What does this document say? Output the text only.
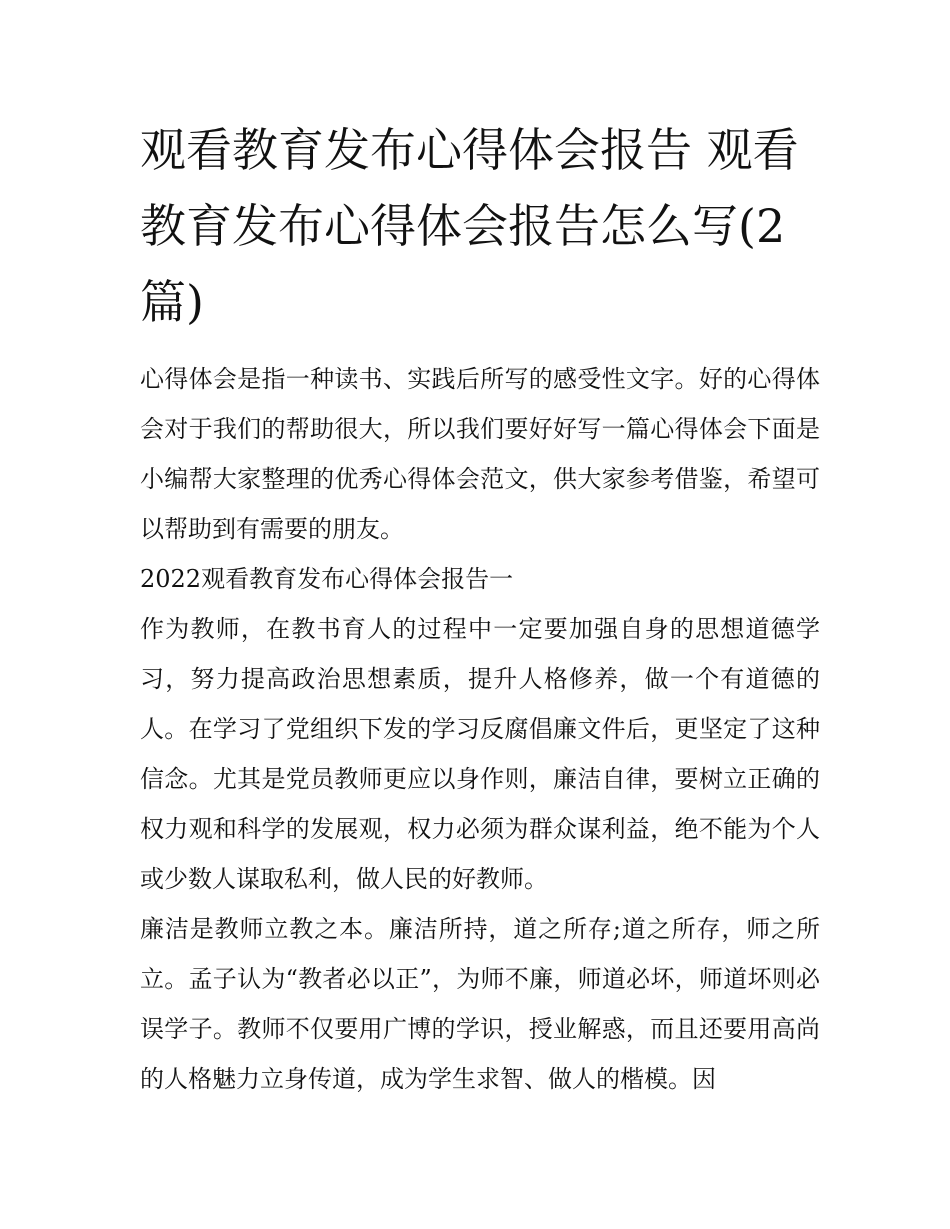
观看教育发布心得体会报告 观看教育发布心得体会报告怎么写(2篇)

心得体会是指一种读书、实践后所写的感受性文字。好的心得体会对于我们的帮助很大，所以我们要好好写一篇心得体会下面是小编帮大家整理的优秀心得体会范文，供大家参考借鉴，希望可以帮助到有需要的朋友。

2022观看教育发布心得体会报告一

作为教师，在教书育人的过程中一定要加强自身的思想道德学习，努力提高政治思想素质，提升人格修养，做一个有道德的人。在学习了党组织下发的学习反腐倡廉文件后，更坚定了这种信念。尤其是党员教师更应以身作则，廉洁自律，要树立正确的权力观和科学的发展观，权力必须为群众谋利益，绝不能为个人或少数人谋取私利，做人民的好教师。

廉洁是教师立教之本。廉洁所持，道之所存;道之所存，师之所立。孟子认为“教者必以正”，为师不廉，师道必坏，师道坏则必误学子。教师不仅要用广博的学识，授业解惑，而且还要用高尚的人格魅力立身传道，成为学生求智、做人的楷模。因
